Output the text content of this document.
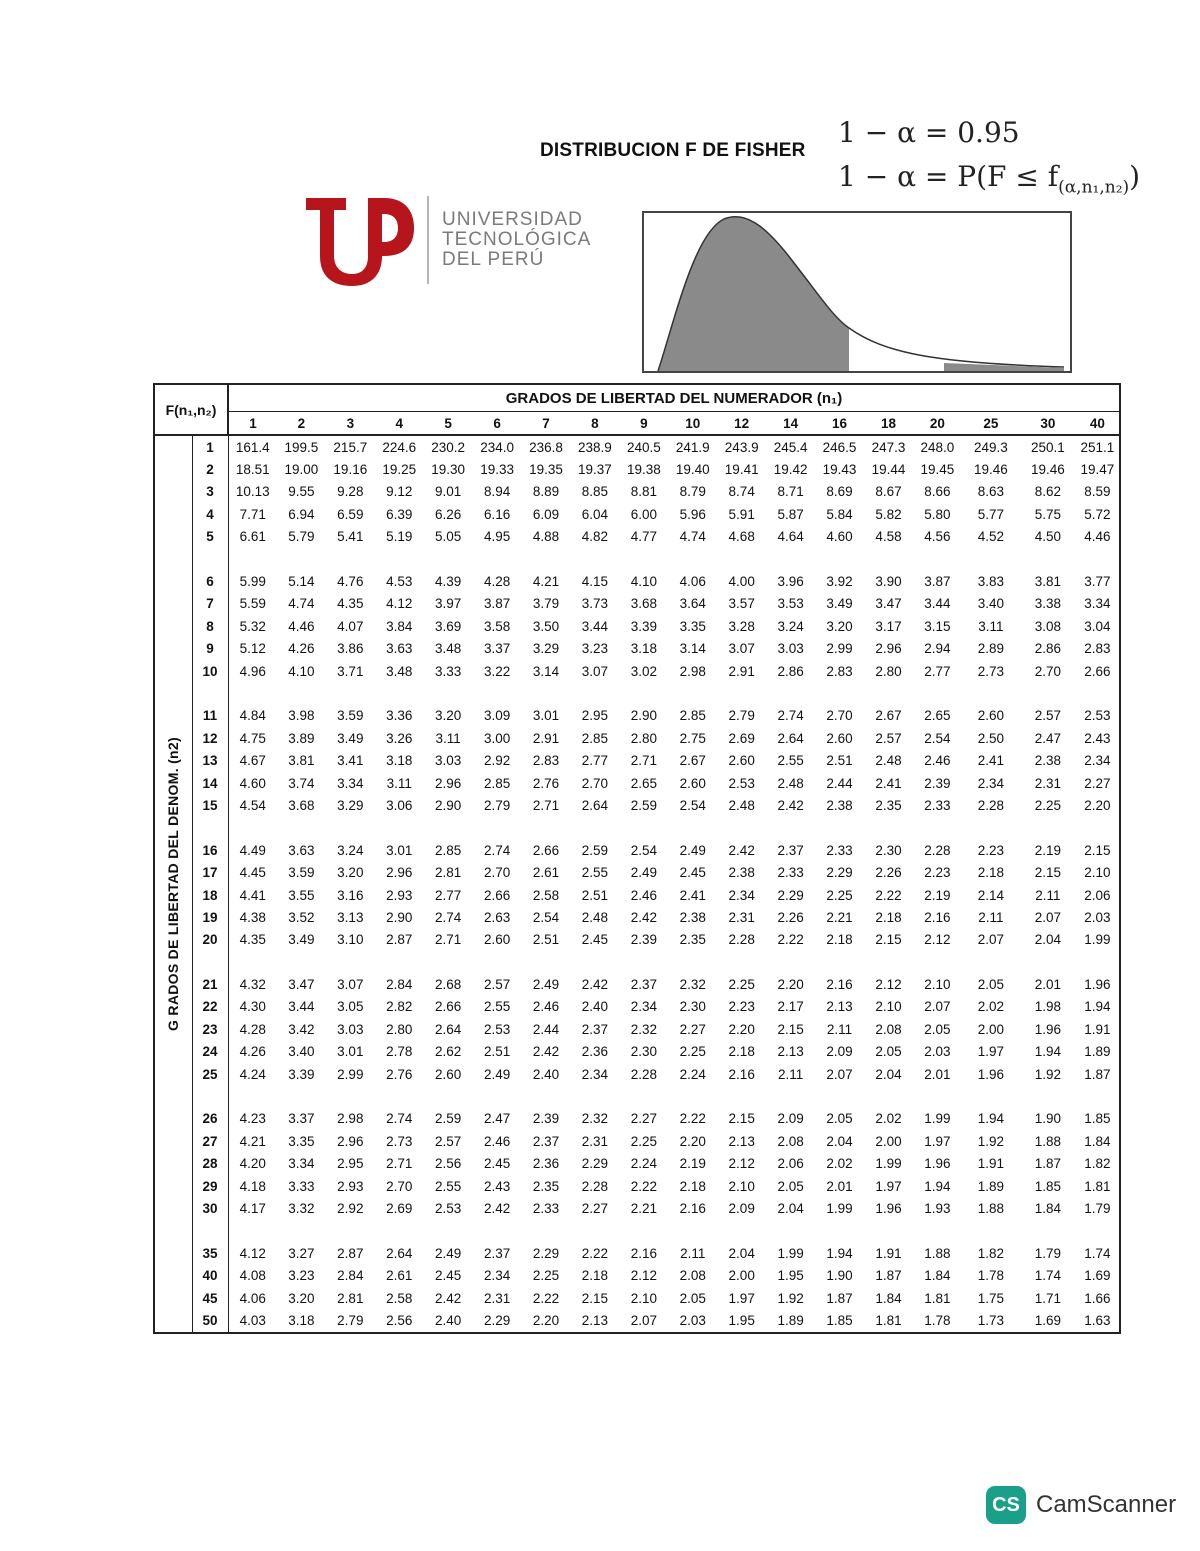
DISTRIBUCION F DE FISHER
1 − α = 0.95
$1 - \alpha = P(F \le f_{(\alpha,n_1,n_2)})$
UNIVERSIDAD
TECNOLÓGICA
DEL PERÚ
F(n₁,n₂)		GRADOS DE LIBERTAD DEL NUMERADOR (n₁)																	
		1	2	3	4	5	6	7	8	9	10	12	14	16	18	20	25	30	40

G RADOS DE LIBERTAD DEL DENOM. (n2)	1	161.4	199.5	215.7	224.6	230.2	234.0	236.8	238.9	240.5	241.9	243.9	245.4	246.5	247.3	248.0	249.3	250.1	251.1
	2	18.51	19.00	19.16	19.25	19.30	19.33	19.35	19.37	19.38	19.40	19.41	19.42	19.43	19.44	19.45	19.46	19.46	19.47
	3	10.13	9.55	9.28	9.12	9.01	8.94	8.89	8.85	8.81	8.79	8.74	8.71	8.69	8.67	8.66	8.63	8.62	8.59
	4	7.71	6.94	6.59	6.39	6.26	6.16	6.09	6.04	6.00	5.96	5.91	5.87	5.84	5.82	5.80	5.77	5.75	5.72
	5	6.61	5.79	5.41	5.19	5.05	4.95	4.88	4.82	4.77	4.74	4.68	4.64	4.60	4.58	4.56	4.52	4.50	4.46

	6	5.99	5.14	4.76	4.53	4.39	4.28	4.21	4.15	4.10	4.06	4.00	3.96	3.92	3.90	3.87	3.83	3.81	3.77
	7	5.59	4.74	4.35	4.12	3.97	3.87	3.79	3.73	3.68	3.64	3.57	3.53	3.49	3.47	3.44	3.40	3.38	3.34
	8	5.32	4.46	4.07	3.84	3.69	3.58	3.50	3.44	3.39	3.35	3.28	3.24	3.20	3.17	3.15	3.11	3.08	3.04
	9	5.12	4.26	3.86	3.63	3.48	3.37	3.29	3.23	3.18	3.14	3.07	3.03	2.99	2.96	2.94	2.89	2.86	2.83
	10	4.96	4.10	3.71	3.48	3.33	3.22	3.14	3.07	3.02	2.98	2.91	2.86	2.83	2.80	2.77	2.73	2.70	2.66

	11	4.84	3.98	3.59	3.36	3.20	3.09	3.01	2.95	2.90	2.85	2.79	2.74	2.70	2.67	2.65	2.60	2.57	2.53
	12	4.75	3.89	3.49	3.26	3.11	3.00	2.91	2.85	2.80	2.75	2.69	2.64	2.60	2.57	2.54	2.50	2.47	2.43
	13	4.67	3.81	3.41	3.18	3.03	2.92	2.83	2.77	2.71	2.67	2.60	2.55	2.51	2.48	2.46	2.41	2.38	2.34
	14	4.60	3.74	3.34	3.11	2.96	2.85	2.76	2.70	2.65	2.60	2.53	2.48	2.44	2.41	2.39	2.34	2.31	2.27
	15	4.54	3.68	3.29	3.06	2.90	2.79	2.71	2.64	2.59	2.54	2.48	2.42	2.38	2.35	2.33	2.28	2.25	2.20

	16	4.49	3.63	3.24	3.01	2.85	2.74	2.66	2.59	2.54	2.49	2.42	2.37	2.33	2.30	2.28	2.23	2.19	2.15
	17	4.45	3.59	3.20	2.96	2.81	2.70	2.61	2.55	2.49	2.45	2.38	2.33	2.29	2.26	2.23	2.18	2.15	2.10
	18	4.41	3.55	3.16	2.93	2.77	2.66	2.58	2.51	2.46	2.41	2.34	2.29	2.25	2.22	2.19	2.14	2.11	2.06
	19	4.38	3.52	3.13	2.90	2.74	2.63	2.54	2.48	2.42	2.38	2.31	2.26	2.21	2.18	2.16	2.11	2.07	2.03
	20	4.35	3.49	3.10	2.87	2.71	2.60	2.51	2.45	2.39	2.35	2.28	2.22	2.18	2.15	2.12	2.07	2.04	1.99

	21	4.32	3.47	3.07	2.84	2.68	2.57	2.49	2.42	2.37	2.32	2.25	2.20	2.16	2.12	2.10	2.05	2.01	1.96
	22	4.30	3.44	3.05	2.82	2.66	2.55	2.46	2.40	2.34	2.30	2.23	2.17	2.13	2.10	2.07	2.02	1.98	1.94
	23	4.28	3.42	3.03	2.80	2.64	2.53	2.44	2.37	2.32	2.27	2.20	2.15	2.11	2.08	2.05	2.00	1.96	1.91
	24	4.26	3.40	3.01	2.78	2.62	2.51	2.42	2.36	2.30	2.25	2.18	2.13	2.09	2.05	2.03	1.97	1.94	1.89
	25	4.24	3.39	2.99	2.76	2.60	2.49	2.40	2.34	2.28	2.24	2.16	2.11	2.07	2.04	2.01	1.96	1.92	1.87

	26	4.23	3.37	2.98	2.74	2.59	2.47	2.39	2.32	2.27	2.22	2.15	2.09	2.05	2.02	1.99	1.94	1.90	1.85
	27	4.21	3.35	2.96	2.73	2.57	2.46	2.37	2.31	2.25	2.20	2.13	2.08	2.04	2.00	1.97	1.92	1.88	1.84
	28	4.20	3.34	2.95	2.71	2.56	2.45	2.36	2.29	2.24	2.19	2.12	2.06	2.02	1.99	1.96	1.91	1.87	1.82
	29	4.18	3.33	2.93	2.70	2.55	2.43	2.35	2.28	2.22	2.18	2.10	2.05	2.01	1.97	1.94	1.89	1.85	1.81
	30	4.17	3.32	2.92	2.69	2.53	2.42	2.33	2.27	2.21	2.16	2.09	2.04	1.99	1.96	1.93	1.88	1.84	1.79

	35	4.12	3.27	2.87	2.64	2.49	2.37	2.29	2.22	2.16	2.11	2.04	1.99	1.94	1.91	1.88	1.82	1.79	1.74
	40	4.08	3.23	2.84	2.61	2.45	2.34	2.25	2.18	2.12	2.08	2.00	1.95	1.90	1.87	1.84	1.78	1.74	1.69
	45	4.06	3.20	2.81	2.58	2.42	2.31	2.22	2.15	2.10	2.05	1.97	1.92	1.87	1.84	1.81	1.75	1.71	1.66
	50	4.03	3.18	2.79	2.56	2.40	2.29	2.20	2.13	2.07	2.03	1.95	1.89	1.85	1.81	1.78	1.73	1.69	1.63
CS CamScanner
